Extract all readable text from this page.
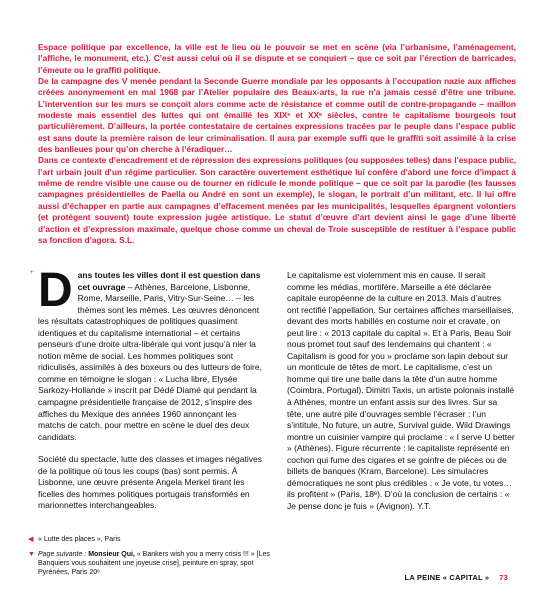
Espace politique par excellence, la ville est le lieu où le pouvoir se met en scène (via l’urbanisme, l’aménagement, l’affiche, le monument, etc.). C’est aussi celui où il se dispute et se conquiert – que ce soit par l’érection de barricades, l’émeute ou le graffiti politique.

De la campagne des V menée pendant la Seconde Guerre mondiale par les opposants à l’occupation nazie aux affiches créées anonymement en mai 1968 par l’Atelier populaire des Beaux-arts, la rue n’a jamais cessé d’être une tribune. L’intervention sur les murs se conçoit alors comme acte de résistance et comme outil de contre-propagande – maillon modeste mais essentiel des luttes qui ont émaillé les XIXᵉ et XXᵉ siècles, contre le capitalisme bourgeois tout particulièrement. D’ailleurs, la portée contestataire de certaines expressions tracées par le peuple dans l’espace public est sans doute la première raison de leur criminalisation. Il aura par exemple suffi que le graffiti soit assimilé à la crise des banlieues pour qu’on cherche à l’éradiquer…

Dans ce contexte d’encadrement et de répression des expressions politiques (ou supposées telles) dans l’espace public, l’art urbain jouit d’un régime particulier. Son caractère ouvertement esthétique lui confère d’abord une force d’impact à même de rendre visible une cause ou de tourner en ridicule le monde politique – que ce soit par la parodie (les fausses campagnes présidentielles de Paella ou André en sont un exemple), le slogan, le portrait d’un militant, etc. Il lui offre aussi d’échapper en partie aux campagnes d’effacement menées par les municipalités, lesquelles épargnent volontiers (et protègent souvent) toute expression jugée artistique. Le statut d’œuvre d’art devient ainsi le gage d’une liberté d’action et d’expression maximale, quelque chose comme un cheval de Troie susceptible de restituer à l’espace public sa fonction d’agora. S.L.

+ D ans toutes les villes dont il est question dans cet ouvrage – Athènes, Barcelone, Lisbonne, Rome, Marseille, Paris, Vitry-Sur-Seine… – les thèmes sont les mêmes. Les œuvres dénoncent les résultats catastrophiques de politiques quasiment identiques et du capitalisme international – et certains penseurs d’une droite ultra-libérale qui vont jusqu’à nier la notion même de social. Les hommes politiques sont ridiculisés, assimilés à des boxeurs ou des lutteurs de foire, comme en témoigne le slogan : « Lucha libre, Elysée Sarkozy-Hollande » inscrit par Dédé Diamé qui pendant la campagne présidentielle française de 2012, s’inspire des affiches du Mexique des années 1960 annonçant les matchs de catch, pour mettre en scène le duel des deux candidats.

Société du spectacle, lutte des classes et images négatives de la politique où tous les coups (bas) sont permis. À Lisbonne, une œuvre présente Angela Merkel tirant les ficelles des hommes politiques portugais transformés en marionnettes interchangeables.

Le capitalisme est violemment mis en cause. Il serait comme les médias, mortifère. Marseille a été déclarée capitale européenne de la culture en 2013. Mais d’autres ont rectifié l’appellation. Sur certaines affiches marseillaises, devant des morts habillés en costume noir et cravate, on peut lire : « 2013 capitale du capital ». Et à Paris, Beau Soir nous promet tout sauf des lendemains qui chantent : « Capitalism is good for you » proclame son lapin debout sur un monticule de têtes de mort. Le capitalisme, c’est un homme qui tire une balle dans la tête d’un autre homme (Coimbra, Portugal). Dimitri Taxis, un artiste polonais installé à Athènes, montre un enfant assis sur des livres. Sur sa tête, une autre pile d’ouvrages semble l’écraser : l’un s’intitule, No future, un autre, Survival guide. Wild Drawings montre un cuisinier vampire qui proclame : « I serve U better » (Athènes). Figure récurrente : le capitaliste représenté en cochon qui fume des cigares et se goinfre de pièces ou de billets de banques (Kram, Barcelone). Les simulacres démocratiques ne sont plus crédibles : « Je vote, tu votes… ils profitent » (Paris, 18ᵉ). D’où la conclusion de certains : « Je pense donc je fuis » (Avignon). Y.T.

◀ « Lutte des places », Paris
▼ Page suivante : Monsieur Qui, « Bankers wish you a merry crisis !!! » [Les Banquiers vous souhaitent une joyeuse crise], peinture en spray, spot Pyrénées, Paris 20ᵉ
LA PEINE « CAPITAL » 73
